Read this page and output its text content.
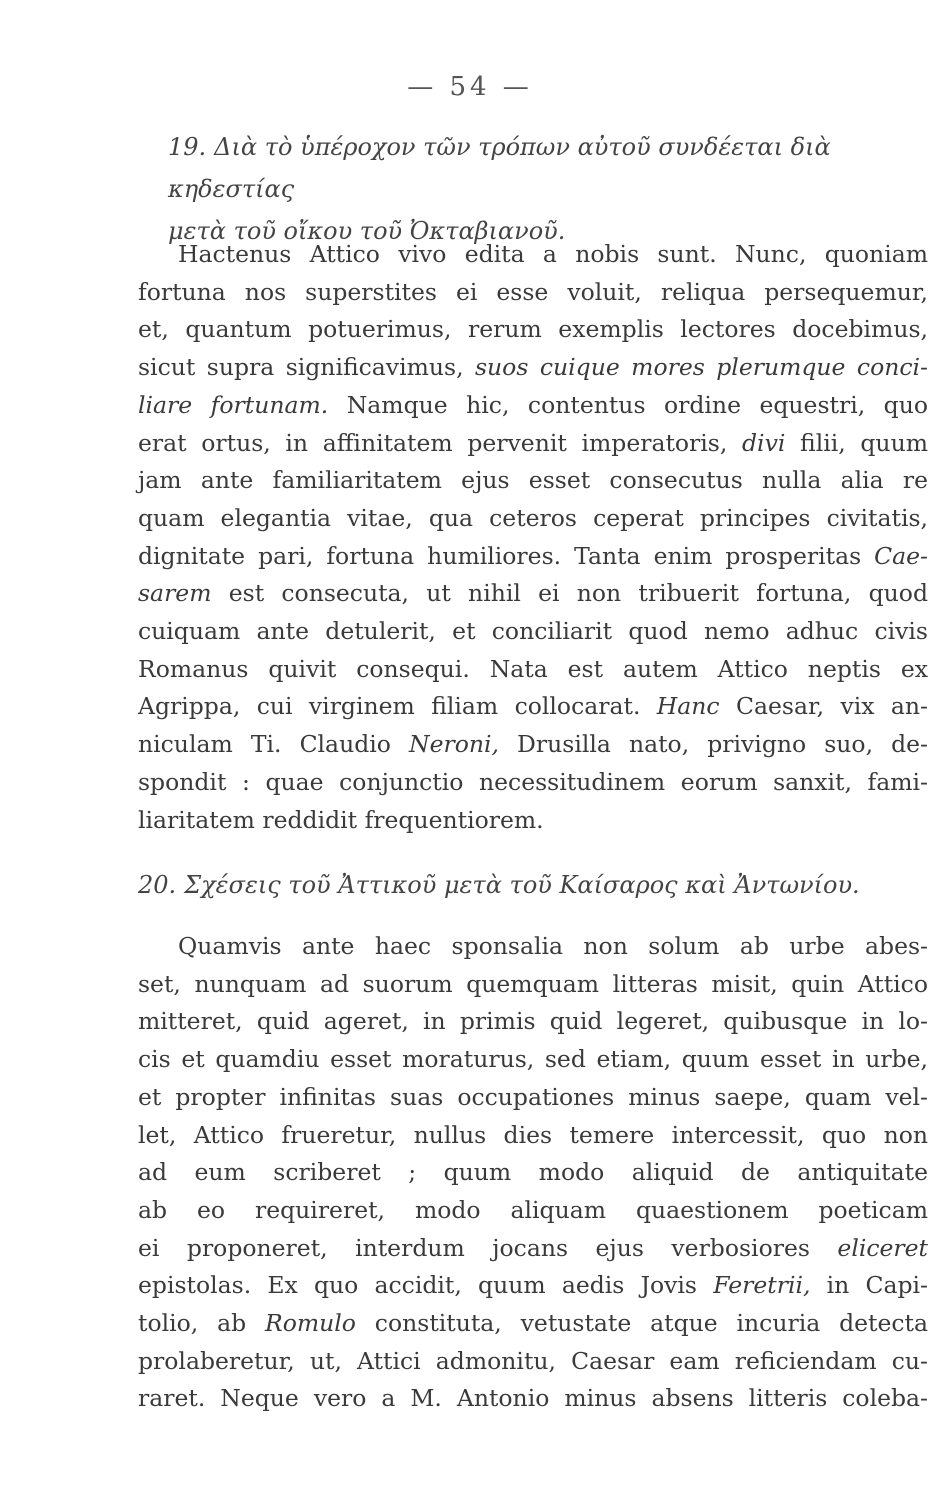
— 54 —
19. Διὰ τὸ ὑπέροχον τῶν τρόπων αὐτοῦ συνδέεται διὰ κηδεστίας
μετὰ τοῦ οἴκου τοῦ Ὀκταβιανοῦ.
Hactenus Attico vivo edita a nobis sunt. Nunc, quoniam
fortuna nos superstites ei esse voluit, reliqua persequemur,
et, quantum potuerimus, rerum exemplis lectores docebimus,
sicut supra significavimus, suos cuique mores plerumque conci-
liare fortunam. Namque hic, contentus ordine equestri, quo
erat ortus, in affinitatem pervenit imperatoris, divi filii, quum
jam ante familiaritatem ejus esset consecutus nulla alia re
quam elegantia vitae, qua ceteros ceperat principes civitatis,
dignitate pari, fortuna humiliores. Tanta enim prosperitas Cae-
sarem est consecuta, ut nihil ei non tribuerit fortuna, quod
cuiquam ante detulerit, et conciliarit quod nemo adhuc civis
Romanus quivit consequi. Nata est autem Attico neptis ex
Agrippa, cui virginem filiam collocarat. Hanc Caesar, vix an-
niculam Ti. Claudio Neroni, Drusilla nato, privigno suo, de-
spondit : quae conjunctio necessitudinem eorum sanxit, fami-
liaritatem reddidit frequentiorem.
20. Σχέσεις τοῦ Ἀττικοῦ μετὰ τοῦ Καίσαρος καὶ Ἀντωνίου.
Quamvis ante haec sponsalia non solum ab urbe abes-
set, nunquam ad suorum quemquam litteras misit, quin Attico
mitteret, quid ageret, in primis quid legeret, quibusque in lo-
cis et quamdiu esset moraturus, sed etiam, quum esset in urbe,
et propter infinitas suas occupationes minus saepe, quam vel-
let, Attico frueretur, nullus dies temere intercessit, quo non
ad eum scriberet ; quum modo aliquid de antiquitate
ab eo requireret, modo aliquam quaestionem poeticam
ei proponeret, interdum jocans ejus verbosiores eliceret
epistolas. Ex quo accidit, quum aedis Jovis Feretrii, in Capi-
tolio, ab Romulo constituta, vetustate atque incuria detecta
prolaberetur, ut, Attici admonitu, Caesar eam reficiendam cu-
raret. Neque vero a M. Antonio minus absens litteris coleba-
